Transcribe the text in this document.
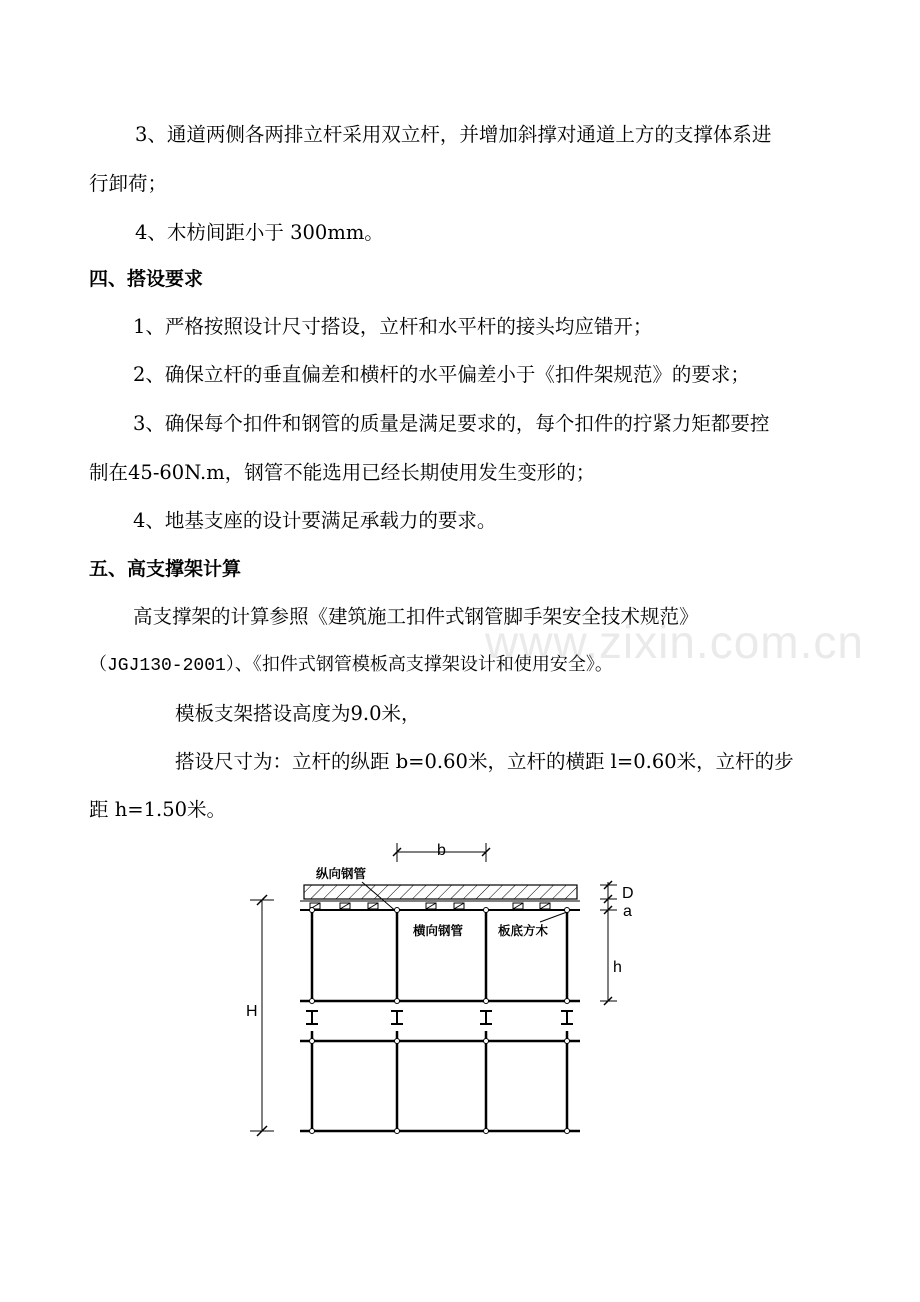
3、通道两侧各两排立杆采用双立杆，并增加斜撑对通道上方的支撑体系进
行卸荷；
4、木枋间距小于 300mm。
四、搭设要求
1、严格按照设计尺寸搭设，立杆和水平杆的接头均应错开；
2、确保立杆的垂直偏差和横杆的水平偏差小于《扣件架规范》的要求；
3、确保每个扣件和钢管的质量是满足要求的，每个扣件的拧紧力矩都要控
制在45-60N.m，钢管不能选用已经长期使用发生变形的；
4、地基支座的设计要满足承载力的要求。
五、高支撑架计算
高支撑架的计算参照《建筑施工扣件式钢管脚手架安全技术规范》
（JGJ130-2001）、《扣件式钢管模板高支撑架设计和使用安全》。
模板支架搭设高度为9.0米，
搭设尺寸为：立杆的纵距 b=0.60米，立杆的横距 l=0.60米，立杆的步
距 h=1.50米。
www.zixin.com.cn
b
纵向钢管
横向钢管	板底方木
H
D
a
h
